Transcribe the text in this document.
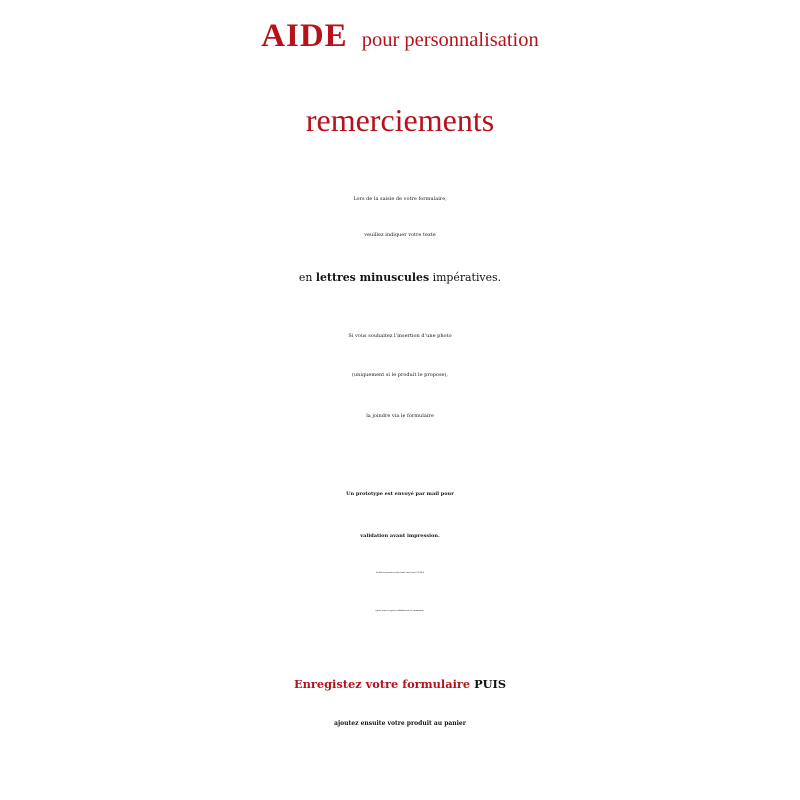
AIDE pour personnalisation
remerciements
Lors de la saisie de votre formulaire,
veuillez indiquer votre texte
en lettres minuscules impératives.
Si vous souhaitez l’insertion d’une photo
(uniquement si le produit le propose),
la joindre via le formulaire
Un prototype est envoyé par mail pour
validation avant impression.
Veuillez consulter votre boîte mail sous 24/48 h
(jours ouvrés) après validation de la commande.
Enregistez votre formulaire PUIS
ajoutez ensuite votre produit au panier
